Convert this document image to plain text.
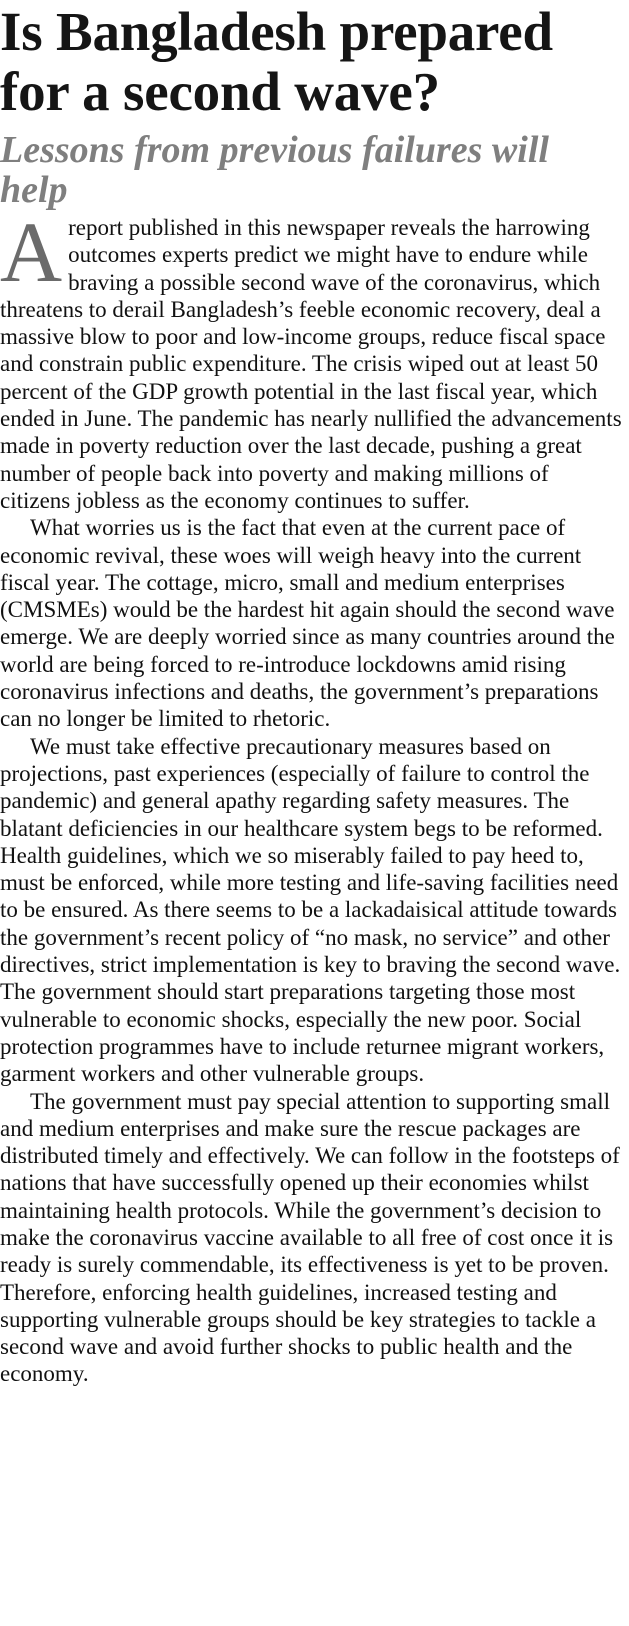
Is Bangladesh prepared for a second wave?
Lessons from previous failures will help

A report published in this newspaper reveals the harrowing outcomes experts predict we might have to endure while braving a possible second wave of the coronavirus, which threatens to derail Bangladesh’s feeble economic recovery, deal a massive blow to poor and low-income groups, reduce fiscal space and constrain public expenditure. The crisis wiped out at least 50 percent of the GDP growth potential in the last fiscal year, which ended in June. The pandemic has nearly nullified the advancements made in poverty reduction over the last decade, pushing a great number of people back into poverty and making millions of citizens jobless as the economy continues to suffer.

What worries us is the fact that even at the current pace of economic revival, these woes will weigh heavy into the current fiscal year. The cottage, micro, small and medium enterprises (CMSMEs) would be the hardest hit again should the second wave emerge. We are deeply worried since as many countries around the world are being forced to re-introduce lockdowns amid rising coronavirus infections and deaths, the government’s preparations can no longer be limited to rhetoric.

We must take effective precautionary measures based on projections, past experiences (especially of failure to control the pandemic) and general apathy regarding safety measures. The blatant deficiencies in our healthcare system begs to be reformed. Health guidelines, which we so miserably failed to pay heed to, must be enforced, while more testing and life-saving facilities need to be ensured. As there seems to be a lackadaisical attitude towards the government’s recent policy of “no mask, no service” and other directives, strict implementation is key to braving the second wave. The government should start preparations targeting those most vulnerable to economic shocks, especially the new poor. Social protection programmes have to include returnee migrant workers, garment workers and other vulnerable groups.

The government must pay special attention to supporting small and medium enterprises and make sure the rescue packages are distributed timely and effectively. We can follow in the footsteps of nations that have successfully opened up their economies whilst maintaining health protocols. While the government’s decision to make the coronavirus vaccine available to all free of cost once it is ready is surely commendable, its effectiveness is yet to be proven. Therefore, enforcing health guidelines, increased testing and supporting vulnerable groups should be key strategies to tackle a second wave and avoid further shocks to public health and the economy.
